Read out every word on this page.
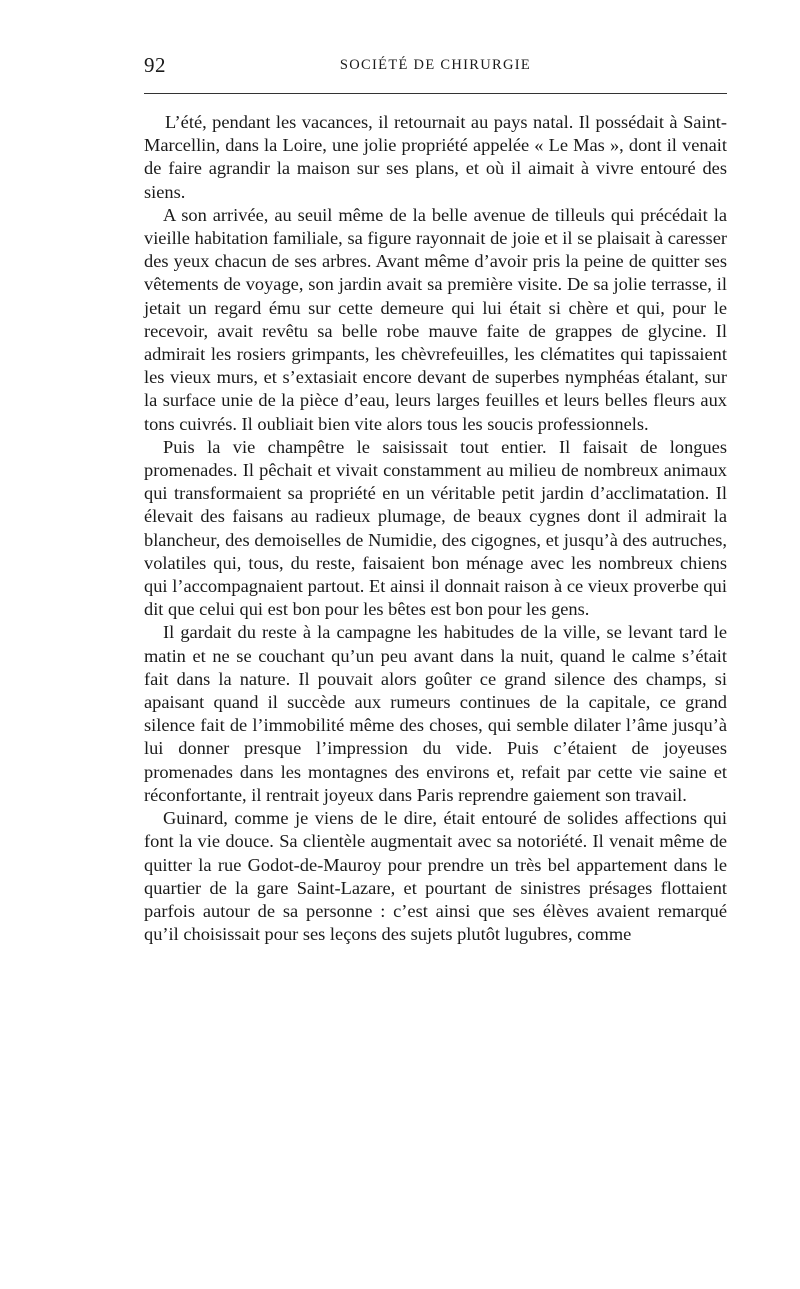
92	SOCIÉTÉ DE CHIRURGIE

L’été, pendant les vacances, il retournait au pays natal. Il possédait à Saint-Marcellin, dans la Loire, une jolie propriété appelée « Le Mas », dont il venait de faire agrandir la maison sur ses plans, et où il aimait à vivre entouré des siens.

A son arrivée, au seuil même de la belle avenue de tilleuls qui précédait la vieille habitation familiale, sa figure rayonnait de joie et il se plaisait à caresser des yeux chacun de ses arbres. Avant même d’avoir pris la peine de quitter ses vêtements de voyage, son jardin avait sa première visite. De sa jolie terrasse, il jetait un regard ému sur cette demeure qui lui était si chère et qui, pour le recevoir, avait revêtu sa belle robe mauve faite de grappes de glycine. Il admirait les rosiers grimpants, les chèvrefeuilles, les clématites qui tapissaient les vieux murs, et s’extasiait encore devant de superbes nymphéas étalant, sur la surface unie de la pièce d’eau, leurs larges feuilles et leurs belles fleurs aux tons cuivrés. Il oubliait bien vite alors tous les soucis professionnels.

Puis la vie champêtre le saisissait tout entier. Il faisait de longues promenades. Il pêchait et vivait constamment au milieu de nombreux animaux qui transformaient sa propriété en un véritable petit jardin d’acclimatation. Il élevait des faisans au radieux plumage, de beaux cygnes dont il admirait la blancheur, des demoiselles de Numidie, des cigognes, et jusqu’à des autruches, volatiles qui, tous, du reste, faisaient bon ménage avec les nombreux chiens qui l’accompagnaient partout. Et ainsi il donnait raison à ce vieux proverbe qui dit que celui qui est bon pour les bêtes est bon pour les gens.

Il gardait du reste à la campagne les habitudes de la ville, se levant tard le matin et ne se couchant qu’un peu avant dans la nuit, quand le calme s’était fait dans la nature. Il pouvait alors goûter ce grand silence des champs, si apaisant quand il succède aux rumeurs continues de la capitale, ce grand silence fait de l’immobilité même des choses, qui semble dilater l’âme jusqu’à lui donner presque l’impression du vide. Puis c’étaient de joyeuses promenades dans les montagnes des environs et, refait par cette vie saine et réconfortante, il rentrait joyeux dans Paris reprendre gaiement son travail.

Guinard, comme je viens de le dire, était entouré de solides affections qui font la vie douce. Sa clientèle augmentait avec sa notoriété. Il venait même de quitter la rue Godot-de-Mauroy pour prendre un très bel appartement dans le quartier de la gare Saint-Lazare, et pourtant de sinistres présages flottaient parfois autour de sa personne : c’est ainsi que ses élèves avaient remarqué qu’il choisissait pour ses leçons des sujets plutôt lugubres, comme
